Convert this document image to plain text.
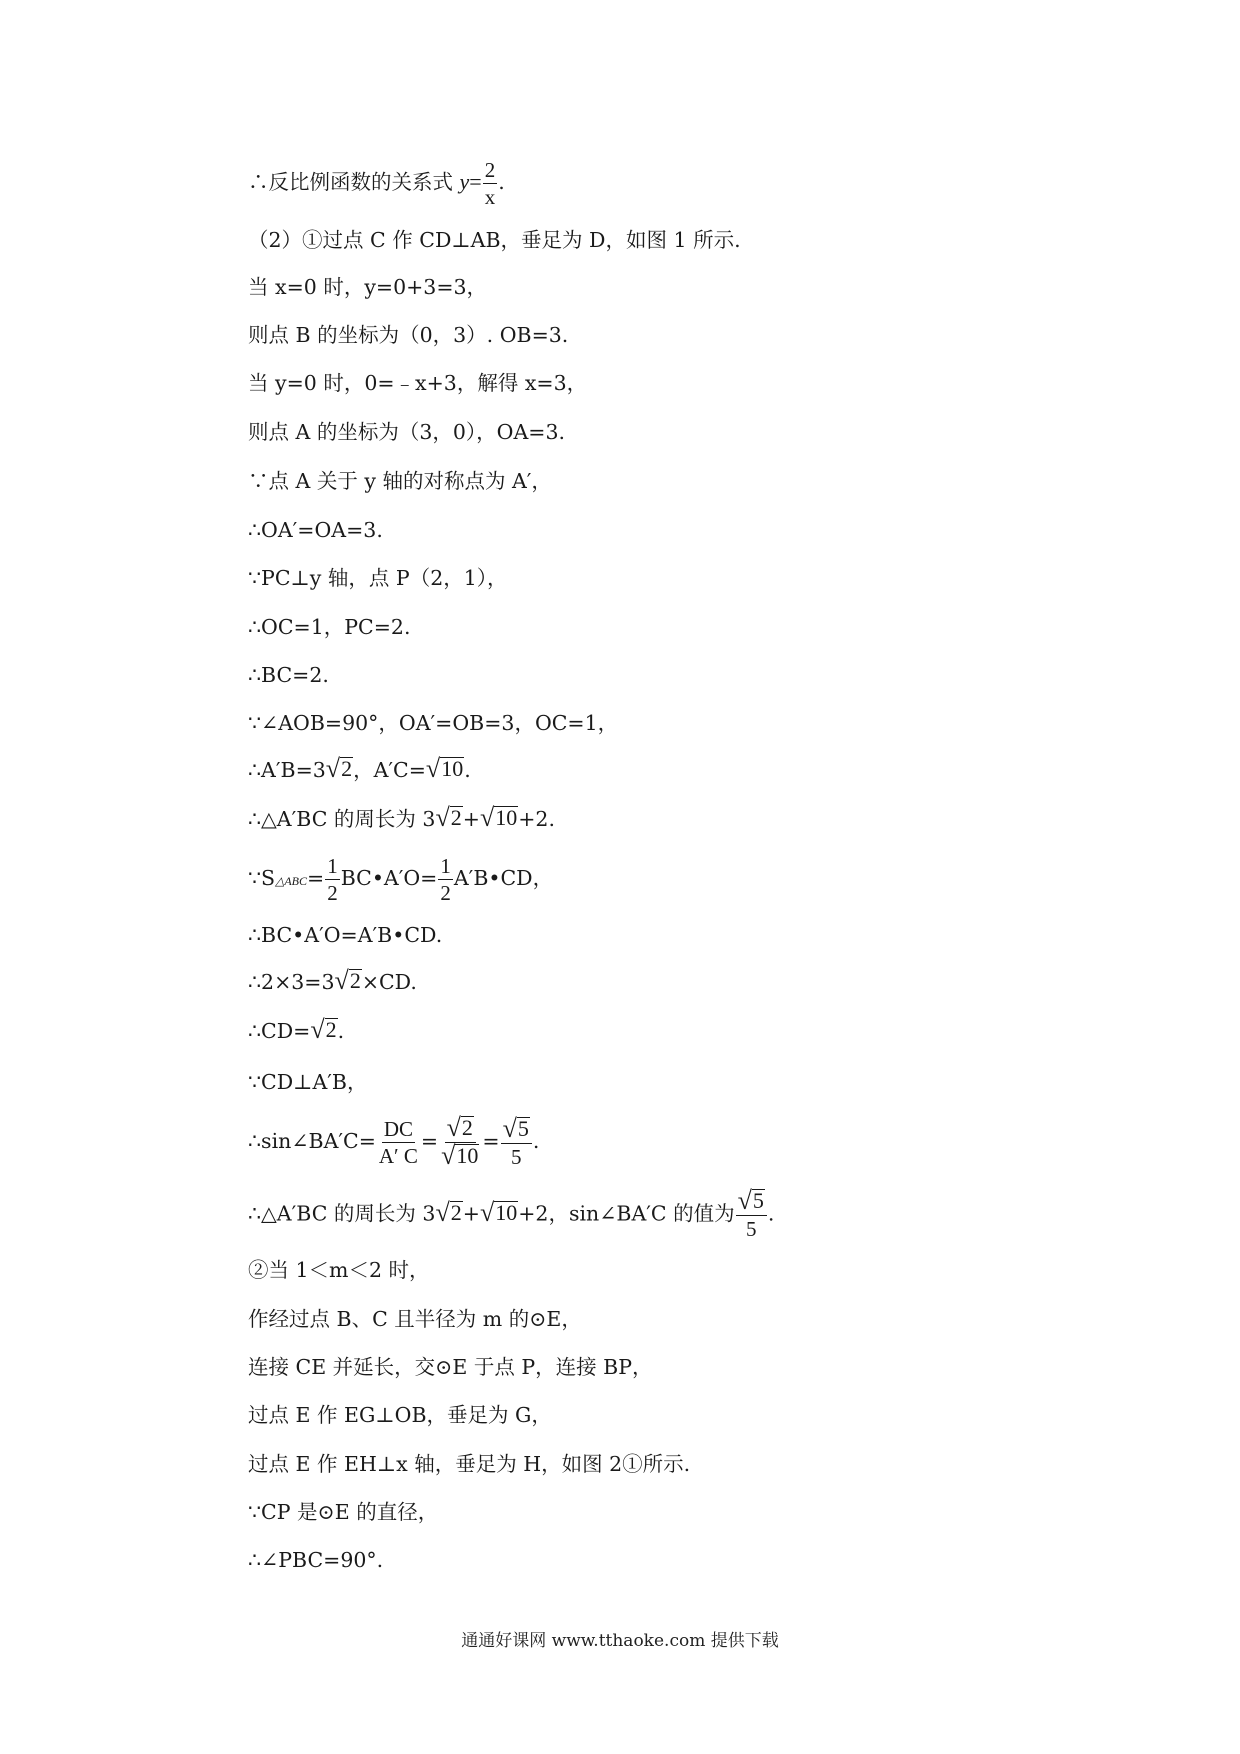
∴反比例函数的关系式 $y= \frac{2}{x}$ .
（2）①过点 C 作 CD⊥AB，垂足为 D，如图 1 所示.
当 x=0 时，y=0+3=3，
则点 B 的坐标为（0，3）. OB=3.
当 y=0 时，0=﹣x+3，解得 x=3，
则点 A 的坐标为（3，0），OA=3.
∵点 A 关于 y 轴的对称点为 A′，
∴OA′=OA=3.
∵PC⊥y 轴，点 P（2，1），
∴OC=1，PC=2.
∴BC=2.
∵∠AOB=90°，OA′=OB=3，OC=1，
∴A′B=3 √ 2 ，A′C= √ 10 .
∴△A′BC 的周长为 3 √ 2 + √ 10 +2.
∵S△ABC= $\frac{1}{2}$ BC•A′O= $\frac{1}{2}$ A′B•CD，
∴BC•A′O=A′B•CD.
∴2×3=3 √ 2 ×CD.
∴CD= √ 2 .
∵CD⊥A′B，
∴sin∠BA′C= $\frac{DC}{A' C} = \frac{√ 2}{√ 10} = \frac{√ 5}{5}$ .
∴△A′BC 的周长为 3 √ 2 + √ 10 +2，sin∠BA′C 的值为 $\frac{√ 5}{5}$ .
②当 1＜m＜2 时，
作经过点 B、C 且半径为 m 的⊙E，
连接 CE 并延长，交⊙E 于点 P，连接 BP，
过点 E 作 EG⊥OB，垂足为 G，
过点 E 作 EH⊥x 轴，垂足为 H，如图 2①所示.
∵CP 是⊙E 的直径，
∴∠PBC=90°.
通通好课网 www.tthaoke.com 提供下载
